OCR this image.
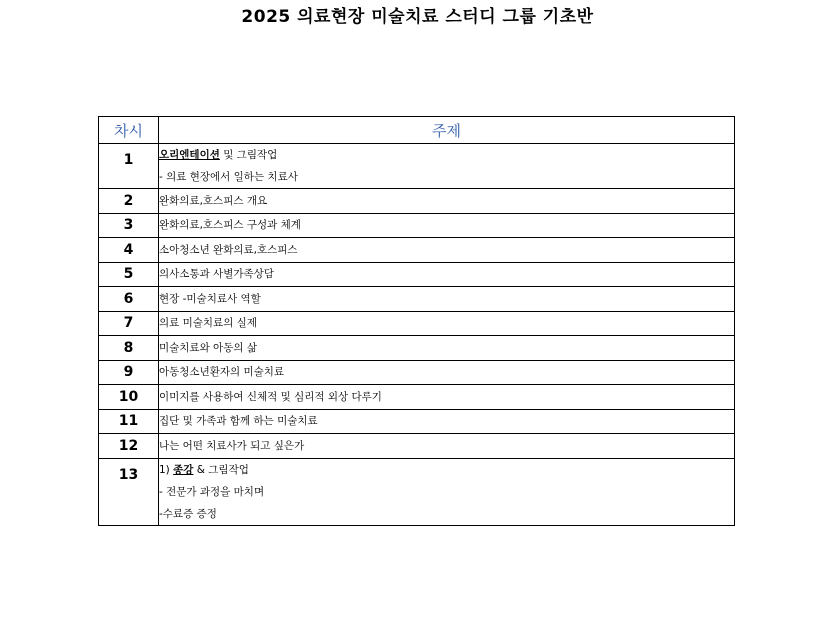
2025 의료현장 미술치료 스터디 그룹 기초반
차시	주제
1	오리엔테이션 및 그림작업
- 의료 현장에서 일하는 치료사

2	완화의료,호스피스 개요

3	완화의료,호스피스 구성과 체계

4	소아청소년 완화의료,호스피스

5	의사소통과 사별가족상담

6	현장 -미술치료사 역할

7	의료 미술치료의 실제

8	미술치료와 아동의 삶

9	아동청소년환자의 미술치료

10	이미지를 사용하여 신체적 및 심리적 외상 다루기

11	집단 및 가족과 함께 하는 미술치료

12	나는 어떤 치료사가 되고 싶은가

13	1) 종강 & 그림작업
- 전문가 과정을 마치며
-수료증 증정
